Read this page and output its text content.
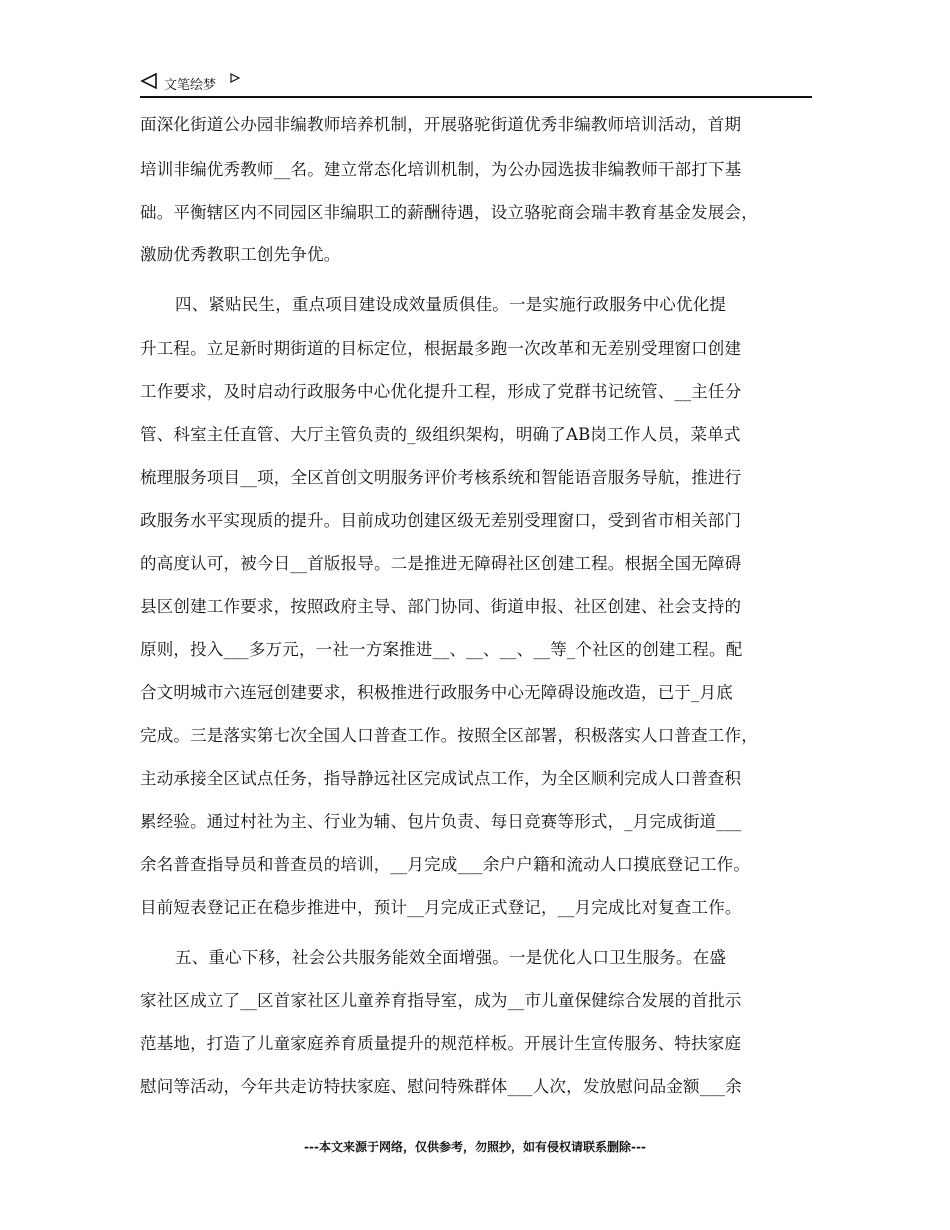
文笔绘梦
面深化街道公办园非编教师培养机制，开展骆驼街道优秀非编教师培训活动，首期
培训非编优秀教师__名。建立常态化培训机制，为公办园选拔非编教师干部打下基
础。平衡辖区内不同园区非编职工的薪酬待遇，设立骆驼商会瑞丰教育基金发展会，
激励优秀教职工创先争优。
四、紧贴民生，重点项目建设成效量质俱佳。一是实施行政服务中心优化提
升工程。立足新时期街道的目标定位，根据最多跑一次改革和无差别受理窗口创建
工作要求，及时启动行政服务中心优化提升工程，形成了党群书记统管、__主任分
管、科室主任直管、大厅主管负责的_级组织架构，明确了AB岗工作人员，菜单式
梳理服务项目__项，全区首创文明服务评价考核系统和智能语音服务导航，推进行
政服务水平实现质的提升。目前成功创建区级无差别受理窗口，受到省市相关部门
的高度认可，被今日__首版报导。二是推进无障碍社区创建工程。根据全国无障碍
县区创建工作要求，按照政府主导、部门协同、街道申报、社区创建、社会支持的
原则，投入___多万元，一社一方案推进__、__、__、__等_个社区的创建工程。配
合文明城市六连冠创建要求，积极推进行政服务中心无障碍设施改造，已于_月底
完成。三是落实第七次全国人口普查工作。按照全区部署，积极落实人口普查工作，
主动承接全区试点任务，指导静远社区完成试点工作，为全区顺利完成人口普查积
累经验。通过村社为主、行业为辅、包片负责、每日竞赛等形式，_月完成街道___
余名普查指导员和普查员的培训，__月完成___余户户籍和流动人口摸底登记工作。
目前短表登记正在稳步推进中，预计__月完成正式登记，__月完成比对复查工作。
五、重心下移，社会公共服务能效全面增强。一是优化人口卫生服务。在盛
家社区成立了__区首家社区儿童养育指导室，成为__市儿童保健综合发展的首批示
范基地，打造了儿童家庭养育质量提升的规范样板。开展计生宣传服务、特扶家庭
慰问等活动，今年共走访特扶家庭、慰问特殊群体___人次，发放慰问品金额___余
---本文来源于网络，仅供参考，勿照抄，如有侵权请联系删除---
